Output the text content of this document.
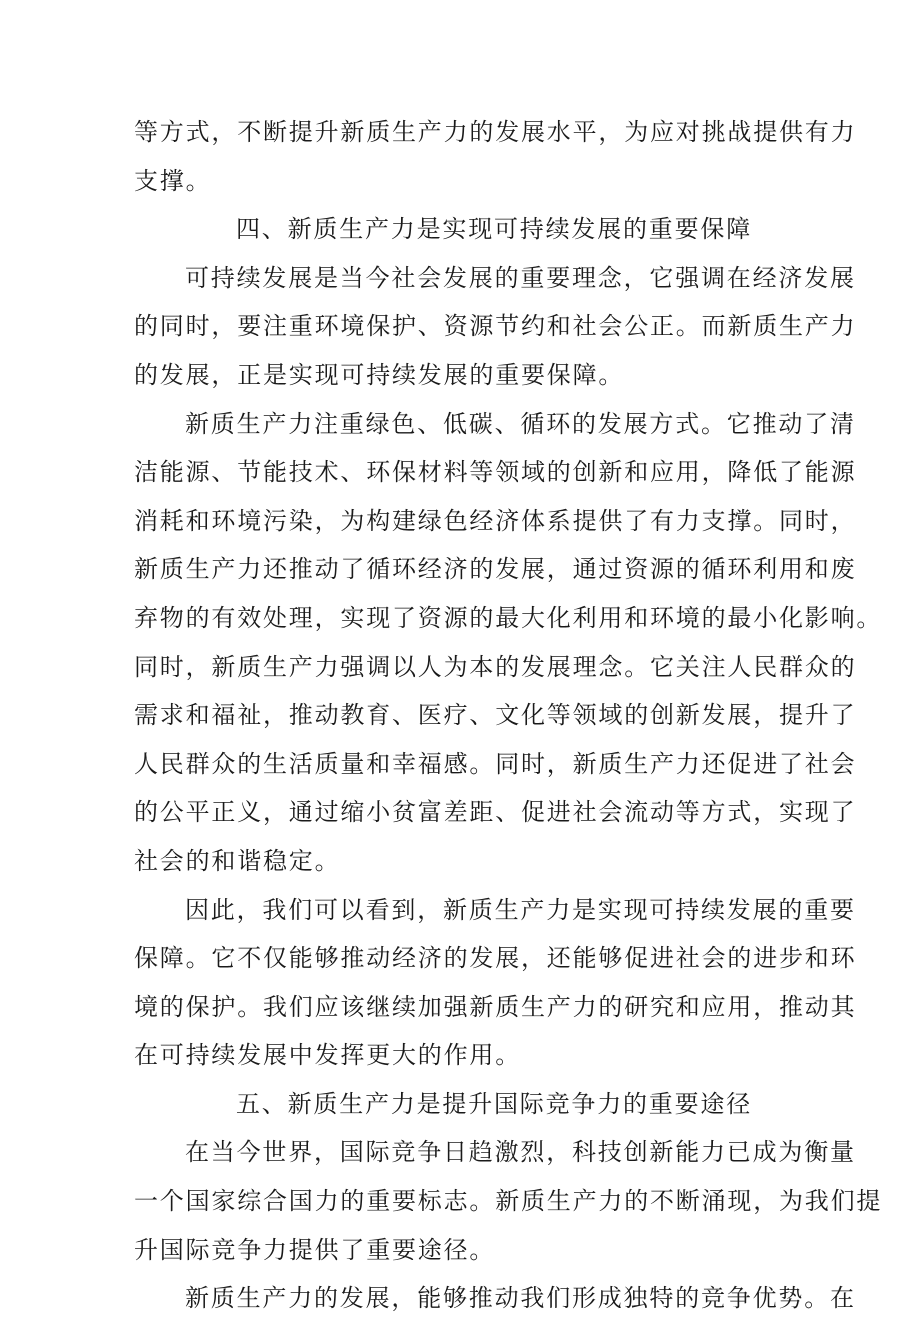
等方式，不断提升新质生产力的发展水平，为应对挑战提供有力
支撑。
四、新质生产力是实现可持续发展的重要保障
可持续发展是当今社会发展的重要理念，它强调在经济发展
的同时，要注重环境保护、资源节约和社会公正。而新质生产力
的发展，正是实现可持续发展的重要保障。
新质生产力注重绿色、低碳、循环的发展方式。它推动了清
洁能源、节能技术、环保材料等领域的创新和应用，降低了能源
消耗和环境污染，为构建绿色经济体系提供了有力支撑。同时，
新质生产力还推动了循环经济的发展，通过资源的循环利用和废
弃物的有效处理，实现了资源的最大化利用和环境的最小化影响。
同时，新质生产力强调以人为本的发展理念。它关注人民群众的
需求和福祉，推动教育、医疗、文化等领域的创新发展，提升了
人民群众的生活质量和幸福感。同时，新质生产力还促进了社会
的公平正义，通过缩小贫富差距、促进社会流动等方式，实现了
社会的和谐稳定。
因此，我们可以看到，新质生产力是实现可持续发展的重要
保障。它不仅能够推动经济的发展，还能够促进社会的进步和环
境的保护。我们应该继续加强新质生产力的研究和应用，推动其
在可持续发展中发挥更大的作用。
五、新质生产力是提升国际竞争力的重要途径
在当今世界，国际竞争日趋激烈，科技创新能力已成为衡量
一个国家综合国力的重要标志。新质生产力的不断涌现，为我们提
升国际竞争力提供了重要途径。
新质生产力的发展，能够推动我们形成独特的竞争优势。在
